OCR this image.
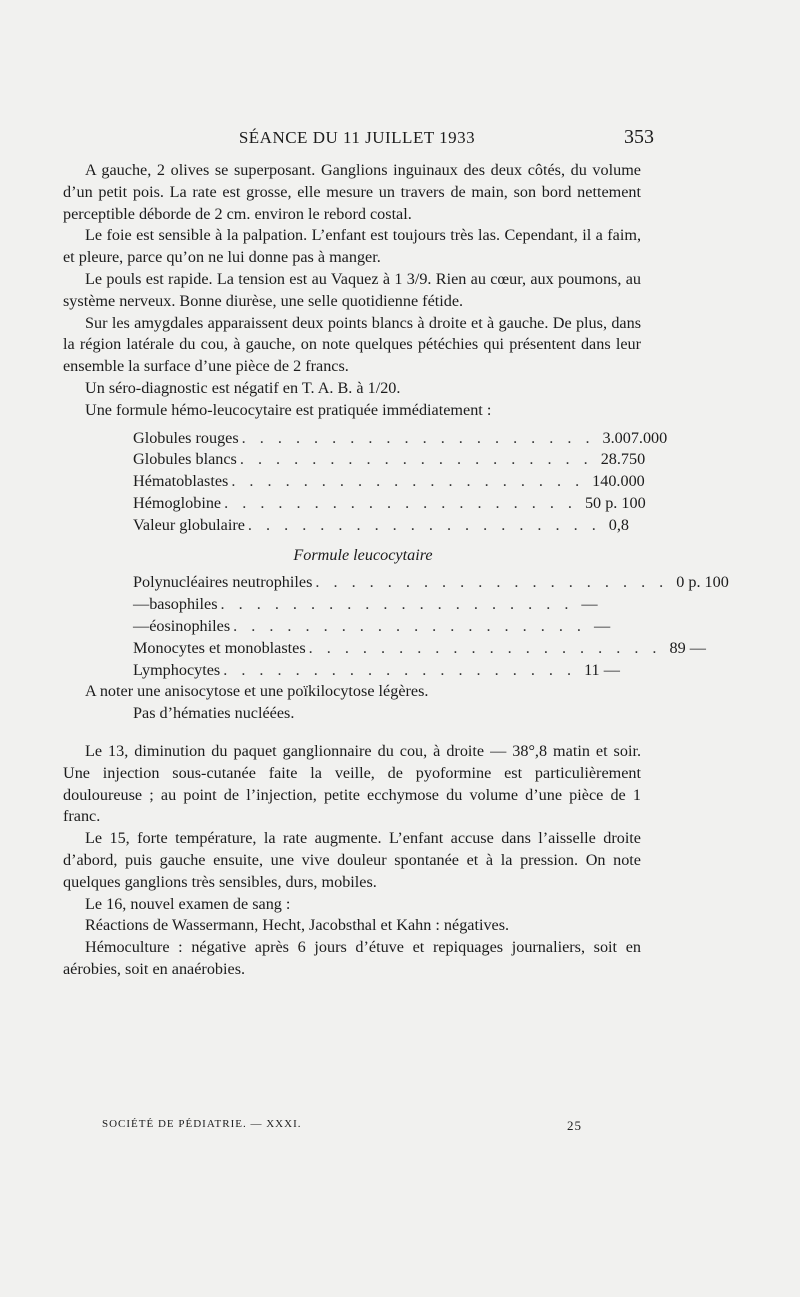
SÉANCE DU 11 JUILLET 1933	353

A gauche, 2 olives se superposant. Ganglions inguinaux des deux côtés, du volume d’un petit pois. La rate est grosse, elle mesure un travers de main, son bord nettement perceptible déborde de 2 cm. environ le rebord costal.

Le foie est sensible à la palpation. L’enfant est toujours très las. Cependant, il a faim, et pleure, parce qu’on ne lui donne pas à manger.

Le pouls est rapide. La tension est au Vaquez à 1 3/9. Rien au cœur, aux poumons, au système nerveux. Bonne diurèse, une selle quotidienne fétide.

Sur les amygdales apparaissent deux points blancs à droite et à gauche. De plus, dans la région latérale du cou, à gauche, on note quelques pétéchies qui présentent dans leur ensemble la surface d’une pièce de 2 francs.

Un séro-diagnostic est négatif en T. A. B. à 1/20.

Une formule hémo-leucocytaire est pratiquée immédiatement :

Globules rouges . . . . . . . . . . . . . . . . . . . . 3.007.000
Globules blancs . . . . . . . . . . . . . . . . . . . . 28.750
Hématoblastes . . . . . . . . . . . . . . . . . . . . 140.000
Hémoglobine . . . . . . . . . . . . . . . . . . . . 50 p. 100
Valeur globulaire . . . . . . . . . . . . . . . . . . . . 0,8
Formule leucocytaire
Polynucléaires neutrophiles . . . . . . . . . . . . . . . . . . . . 0 p. 100
— basophiles . . . . . . . . . . . . . . . . . . . . —
— éosinophiles . . . . . . . . . . . . . . . . . . . . —
Monocytes et monoblastes . . . . . . . . . . . . . . . . . . . . 89 —
Lymphocytes . . . . . . . . . . . . . . . . . . . . 11 —

A noter une anisocytose et une poïkilocytose légères.

Pas d’hématies nucléées.

Le 13, diminution du paquet ganglionnaire du cou, à droite — 38°,8 matin et soir. Une injection sous-cutanée faite la veille, de pyoformine est particulièrement douloureuse ; au point de l’injection, petite ecchymose du volume d’une pièce de 1 franc.

Le 15, forte température, la rate augmente. L’enfant accuse dans l’aisselle droite d’abord, puis gauche ensuite, une vive douleur spontanée et à la pression. On note quelques ganglions très sensibles, durs, mobiles.

Le 16, nouvel examen de sang :

Réactions de Wassermann, Hecht, Jacobsthal et Kahn : négatives.

Hémoculture : négative après 6 jours d’étuve et repiquages journaliers, soit en aérobies, soit en anaérobies.

SOCIÉTÉ DE PÉDIATRIE. — XXXI.	25
